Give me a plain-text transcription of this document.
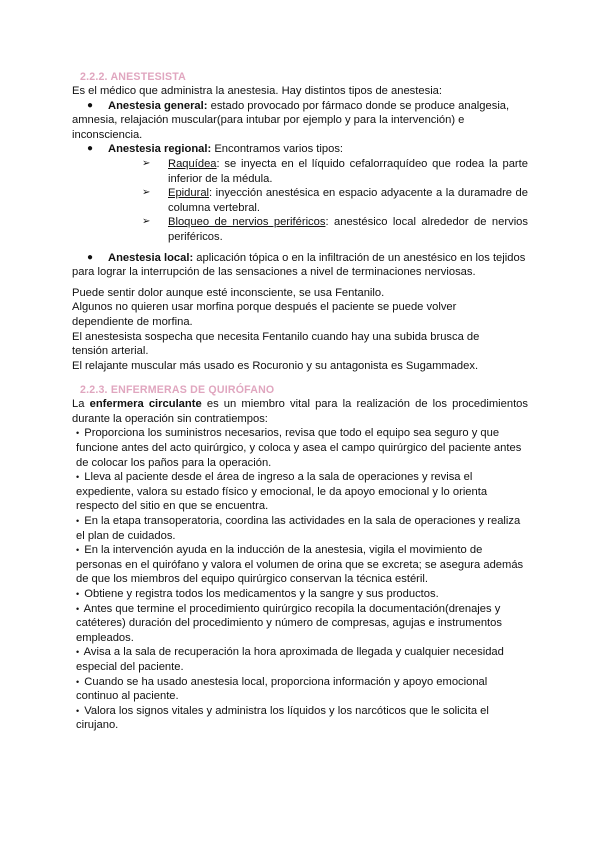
2.2.2. ANESTESISTA

Es el médico que administra la anestesia. Hay distintos tipos de anestesia:

● Anestesia general: estado provocado por fármaco donde se produce analgesia,
amnesia, relajación muscular(para intubar por ejemplo y para la intervención) e inconsciencia.
● Anestesia regional: Encontramos varios tipos:
➢ Raquídea: se inyecta en el líquido cefalorraquídeo que rodea la parte inferior de la médula.
➢ Epidural: inyección anestésica en espacio adyacente a la duramadre de columna vertebral.
➢ Bloqueo de nervios periféricos: anestésico local alrededor de nervios periféricos.
● Anestesia local: aplicación tópica o en la infiltración de un anestésico en los tejidos
para lograr la interrupción de las sensaciones a nivel de terminaciones nerviosas.

Puede sentir dolor aunque esté inconsciente, se usa Fentanilo.

Algunos no quieren usar morfina porque después el paciente se puede volver dependiente de morfina.

El anestesista sospecha que necesita Fentanilo cuando hay una subida brusca de tensión arterial.

El relajante muscular más usado es Rocuronio y su antagonista es Sugammadex.

2.2.3. ENFERMERAS DE QUIRÓFANO

La enfermera circulante es un miembro vital para la realización de los procedimientos durante la operación sin contratiempos:

• Proporciona los suministros necesarios, revisa que todo el equipo sea seguro y que funcione antes del acto quirúrgico, y coloca y asea el campo quirúrgico del paciente antes de colocar los paños para la operación.

• Lleva al paciente desde el área de ingreso a la sala de operaciones y revisa el expediente, valora su estado físico y emocional, le da apoyo emocional y lo orienta respecto del sitio en que se encuentra.

• En la etapa transoperatoria, coordina las actividades en la sala de operaciones y realiza el plan de cuidados.

• En la intervención ayuda en la inducción de la anestesia, vigila el movimiento de personas en el quirófano y valora el volumen de orina que se excreta; se asegura además de que los miembros del equipo quirúrgico conservan la técnica estéril.

• Obtiene y registra todos los medicamentos y la sangre y sus productos.

• Antes que termine el procedimiento quirúrgico recopila la documentación(drenajes y catéteres) duración del procedimiento y número de compresas, agujas e instrumentos empleados.

• Avisa a la sala de recuperación la hora aproximada de llegada y cualquier necesidad especial del paciente.

• Cuando se ha usado anestesia local, proporciona información y apoyo emocional continuo al paciente.

• Valora los signos vitales y administra los líquidos y los narcóticos que le solicita el cirujano.
